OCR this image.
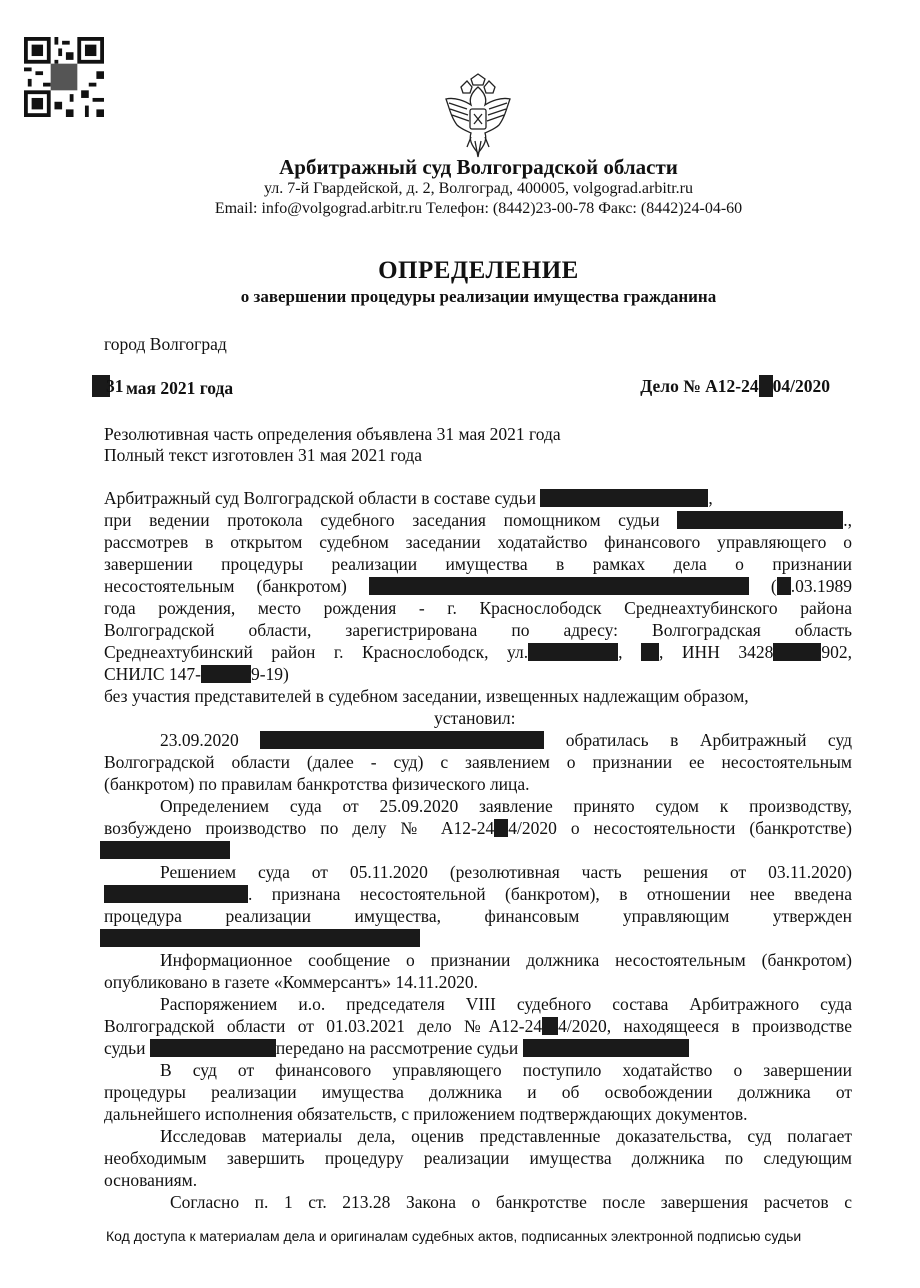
Арбитражный суд Волгоградской области
ул. 7-й Гвардейской, д. 2, Волгоград, 400005, volgograd.arbitr.ru
Email: info@volgograd.arbitr.ru Телефон: (8442)23-00-78 Факс: (8442)24-04-60
ОПРЕДЕЛЕНИЕ
о завершении процедуры реализации имущества гражданина
город Волгоград
31 мая 2021 года	Дело № А12-24 04/2020
Резолютивная часть определения объявлена 31 мая 2021 года
Полный текст изготовлен 31 мая 2021 года
Арбитражный суд Волгоградской области в составе судьи	,
при ведении протокола судебного заседания помощником судьи	.,
рассмотрев в открытом судебном заседании ходатайство финансового управляющего о
завершении процедуры реализации имущества в рамках дела о признании
несостоятельным (банкротом)	( .03.1989
года рождения, место рождения - г. Краснослободск Среднеахтубинского района
Волгоградской области, зарегистрирована по адресу: Волгоградская область
Среднеахтубинский район г. Краснослободск, ул.	, , ИНН 3428	902,
СНИЛС 147-	9-19)
без участия представителей в судебном заседании, извещенных надлежащим образом,
установил:
23.09.2020	обратилась в Арбитражный суд
Волгоградской области (далее - суд) с заявлением о признании ее несостоятельным
(банкротом) по правилам банкротства физического лица.
Определением суда от 25.09.2020 заявление принято судом к производству,
возбуждено производство по делу № А12-24 4/2020 о несостоятельности (банкротстве)
Решением суда от 05.11.2020 (резолютивная часть решения от 03.11.2020)
. признана несостоятельной (банкротом), в отношении нее введена
процедура реализации имущества, финансовым управляющим утвержден
Информационное сообщение о признании должника несостоятельным (банкротом)
опубликовано в газете «Коммерсантъ» 14.11.2020.
Распоряжением и.о. председателя VIII судебного состава Арбитражного суда
Волгоградской области от 01.03.2021 дело №А12-24 4/2020, находящееся в производстве
судьи	передано на рассмотрение судьи
В суд от финансового управляющего поступило ходатайство о завершении
процедуры реализации имущества должника и об освобождении должника от
дальнейшего исполнения обязательств, с приложением подтверждающих документов.
Исследовав материалы дела, оценив представленные доказательства, суд полагает
необходимым завершить процедуру реализации имущества должника по следующим
основаниям.
Согласно п. 1 ст. 213.28 Закона о банкротстве после завершения расчетов с
Код доступа к материалам дела и оригиналам судебных актов, подписанных электронной подписью судьи
